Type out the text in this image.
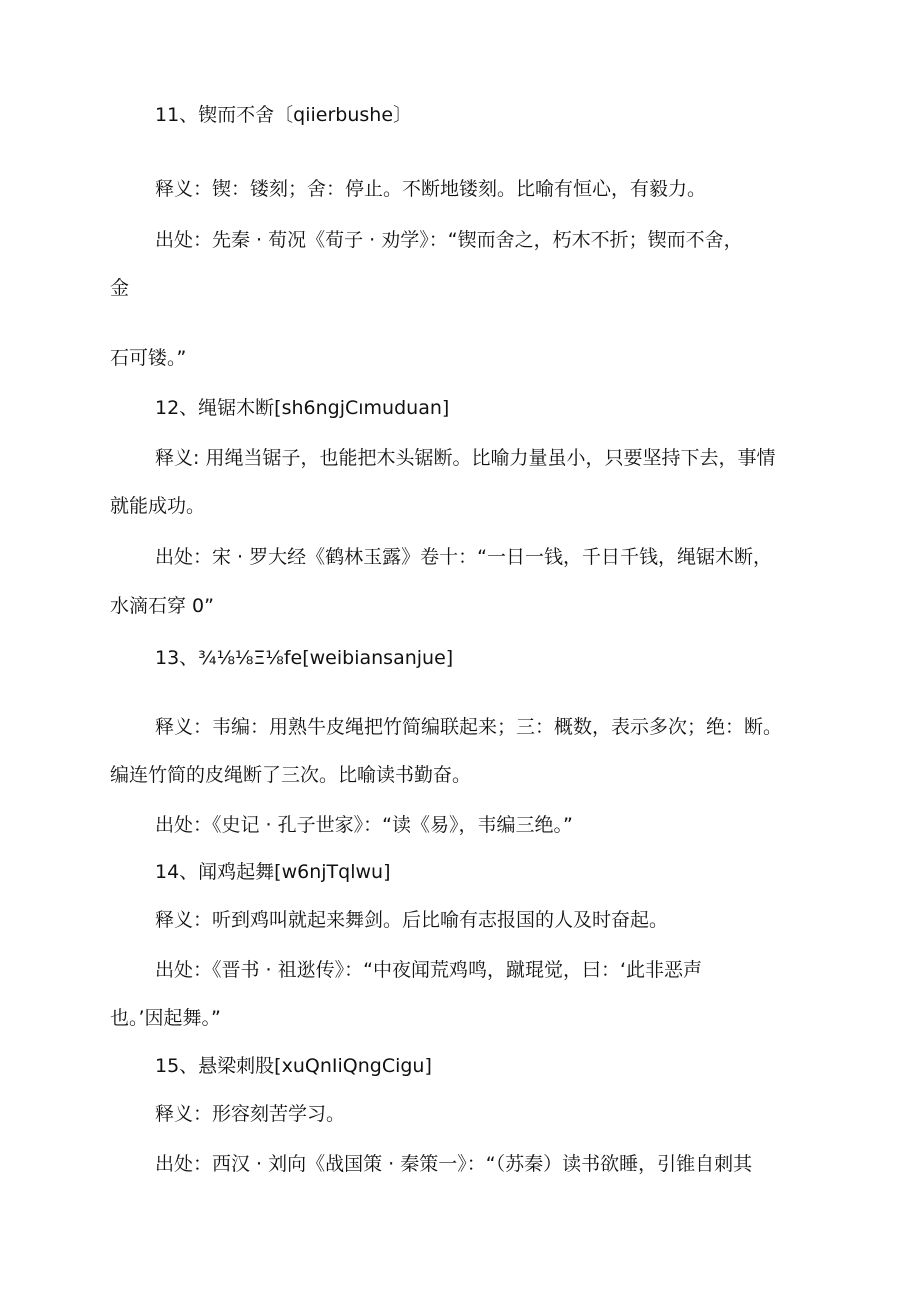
11、锲而不舍〔qiierbushe〕

释义：锲：镂刻；舍：停止。不断地镂刻。比喻有恒心，有毅力。

出处：先秦 · 荀况《荀子 · 劝学》：“锲而舍之，朽木不折；锲而不舍，

金

石可镂。”

12、绳锯木断[sh6ngjCımuduan]

释义: 用绳当锯子，也能把木头锯断。比喻力量虽小，只要坚持下去，事情

就能成功。

出处：宋 · 罗大经《鹤林玉露》卷十：“一日一钱，千日千钱，绳锯木断，

水滴石穿 0”

13、¾⅛⅛Ξ⅛fe[weibiansanjue]

释义：韦编：用熟牛皮绳把竹简编联起来；三：概数，表示多次；绝：断。

编连竹简的皮绳断了三次。比喻读书勤奋。

出处：《史记 · 孔子世家》：“读《易》，韦编三绝。”

14、闻鸡起舞[w6njTqlwu]

释义：听到鸡叫就起来舞剑。后比喻有志报国的人及时奋起。

出处：《晋书 · 祖逖传》：“中夜闻荒鸡鸣，蹴琨觉，曰：‘此非恶声

也。’因起舞。”

15、悬梁刺股[xuQnIiQngCigu]

释义：形容刻苦学习。

出处：西汉 · 刘向《战国策 · 秦策一》：“（苏秦）读书欲睡，引锥自刺其
